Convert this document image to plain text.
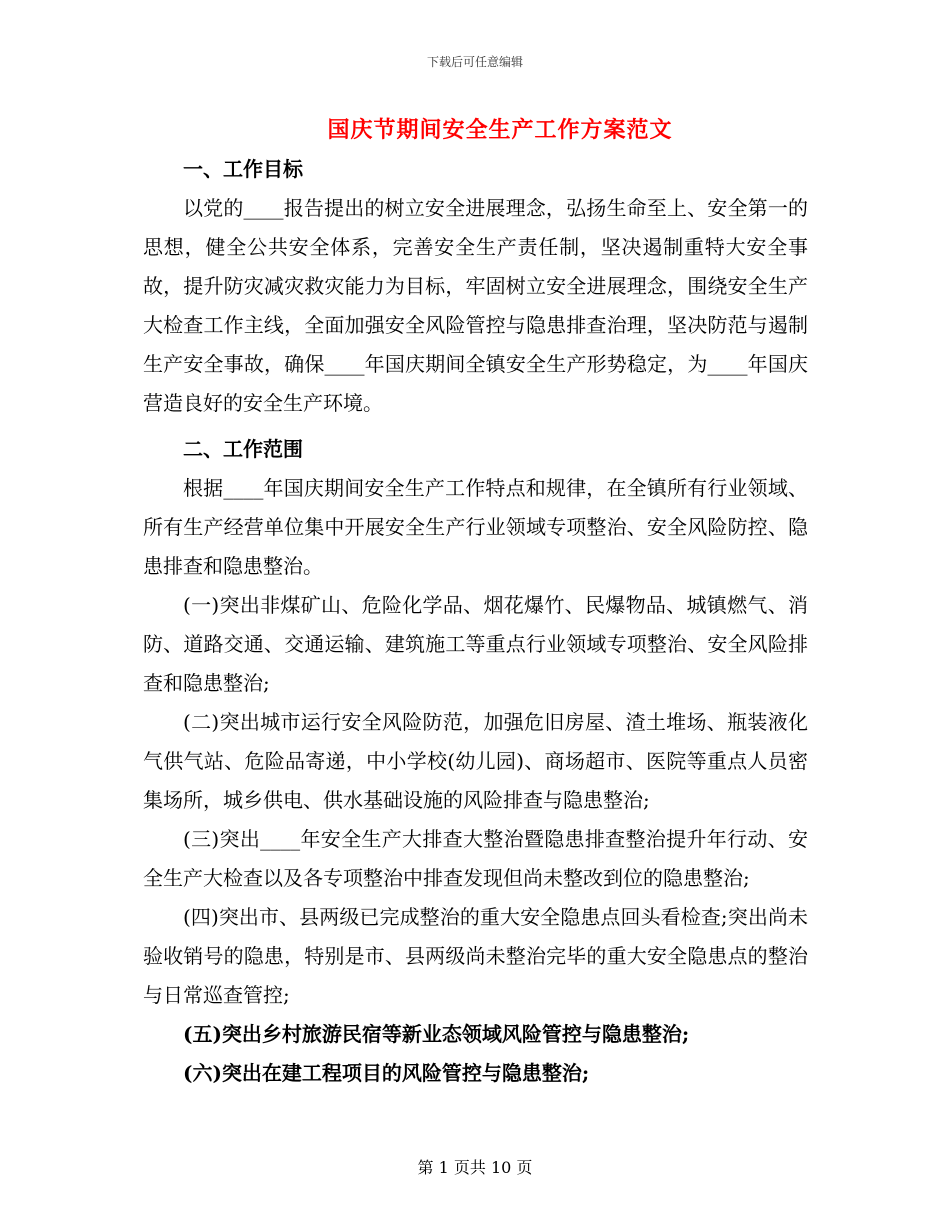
下载后可任意编辑
国庆节期间安全生产工作方案范文
一、工作目标

以党的____报告提出的树立安全进展理念，弘扬生命至上、安全第一的思想，健全公共安全体系，完善安全生产责任制，坚决遏制重特大安全事故，提升防灾减灾救灾能力为目标，牢固树立安全进展理念，围绕安全生产大检查工作主线，全面加强安全风险管控与隐患排查治理，坚决防范与遏制生产安全事故，确保____年国庆期间全镇安全生产形势稳定，为____年国庆营造良好的安全生产环境。

二、工作范围

根据____年国庆期间安全生产工作特点和规律，在全镇所有行业领域、所有生产经营单位集中开展安全生产行业领域专项整治、安全风险防控、隐患排查和隐患整治。

(一)突出非煤矿山、危险化学品、烟花爆竹、民爆物品、城镇燃气、消防、道路交通、交通运输、建筑施工等重点行业领域专项整治、安全风险排查和隐患整治;

(二)突出城市运行安全风险防范，加强危旧房屋、渣土堆场、瓶装液化气供气站、危险品寄递，中小学校(幼儿园)、商场超市、医院等重点人员密集场所，城乡供电、供水基础设施的风险排查与隐患整治;

(三)突出____年安全生产大排查大整治暨隐患排查整治提升年行动、安全生产大检查以及各专项整治中排查发现但尚未整改到位的隐患整治;

(四)突出市、县两级已完成整治的重大安全隐患点回头看检查;突出尚未验收销号的隐患，特别是市、县两级尚未整治完毕的重大安全隐患点的整治与日常巡查管控;

(五)突出乡村旅游民宿等新业态领域风险管控与隐患整治;

(六)突出在建工程项目的风险管控与隐患整治;

第 1 页共 10 页
